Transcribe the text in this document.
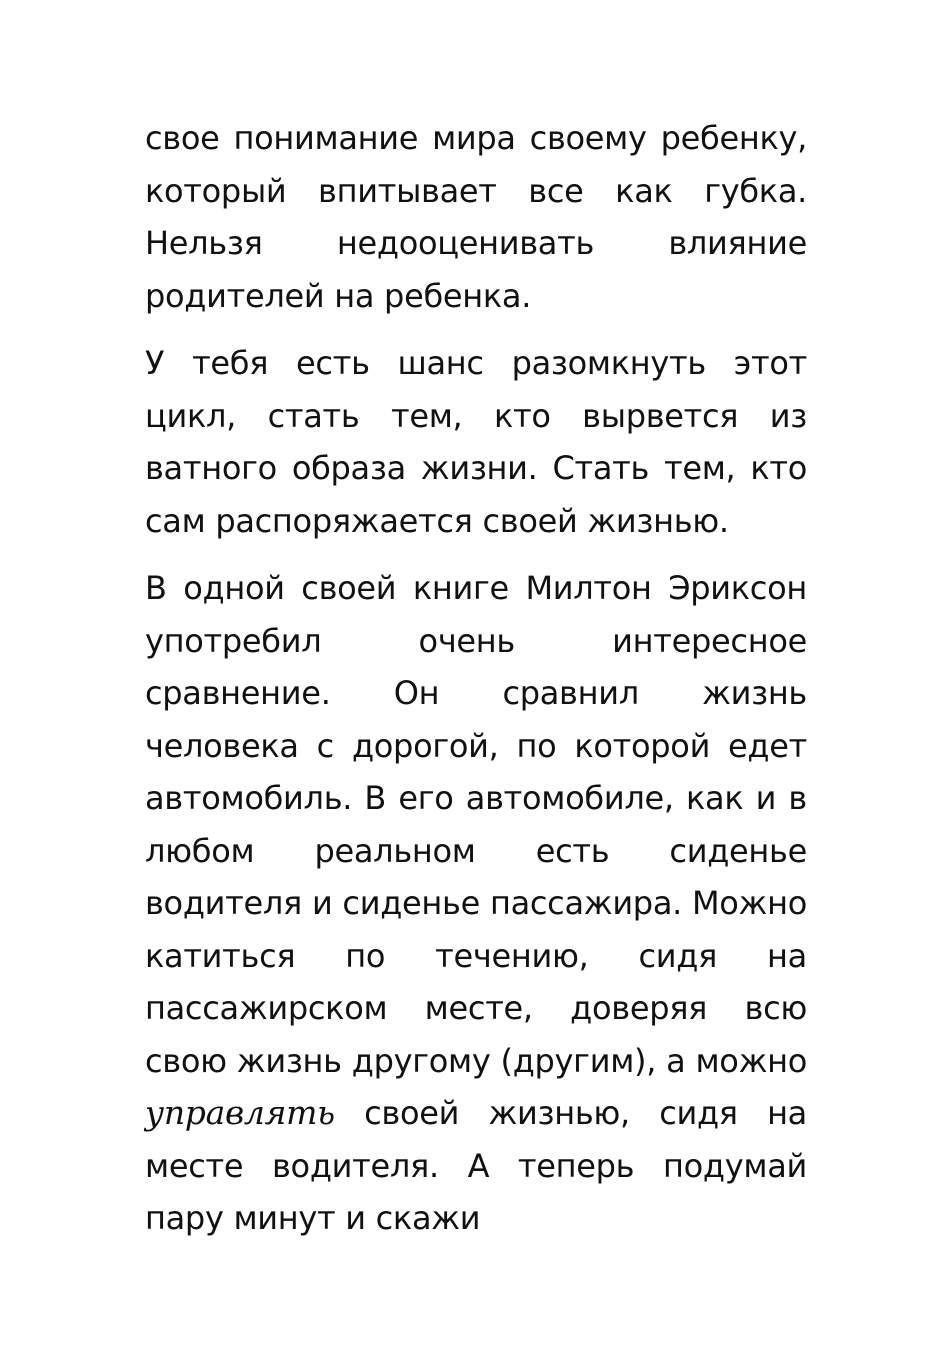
свое понимание мира своему ребенку, который впитывает все как губка. Нельзя недооценивать влияние родителей на ребенка.

У тебя есть шанс разомкнуть этот цикл, стать тем, кто вырвется из ватного образа жизни. Стать тем, кто сам распоряжается своей жизнью.

В одной своей книге Милтон Эриксон употребил очень интересное сравнение. Он сравнил жизнь человека с дорогой, по которой едет автомобиль. В его автомобиле, как и в любом реальном есть сиденье водителя и сиденье пассажира. Можно катиться по течению, сидя на пассажирском месте, доверяя всю свою жизнь другому (другим), а можно управлять своей жизнью, сидя на месте водителя. А теперь подумай пару минут и скажи
